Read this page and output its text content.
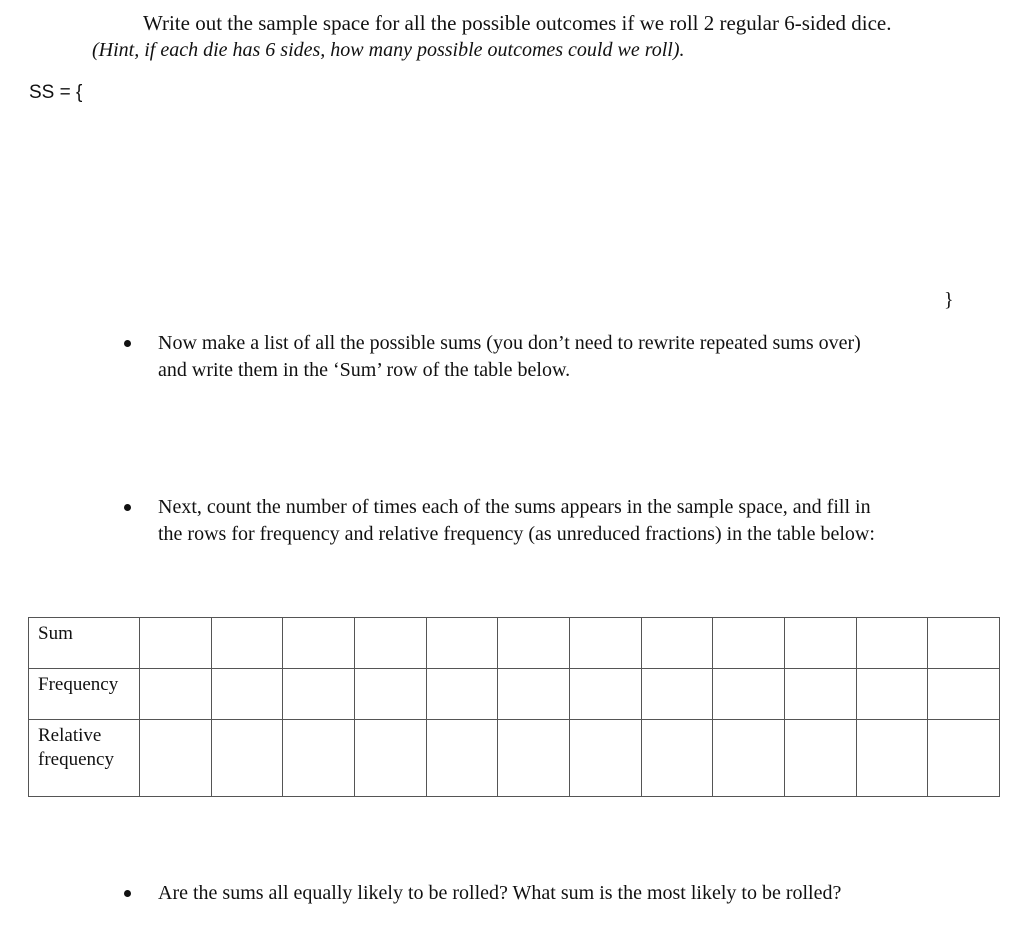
Write out the sample space for all the possible outcomes if we roll 2 regular 6-sided dice.
(Hint, if each die has 6 sides, how many possible outcomes could we roll).
SS = {
}
Now make a list of all the possible sums (you don’t need to rewrite repeated sums over)
and write them in the ‘Sum’ row of the table below.
Next, count the number of times each of the sums appears in the sample space, and fill in
the rows for frequency and relative frequency (as unreduced fractions) in the table below:
Sum												
Frequency												

Relative
frequency												

Are the sums all equally likely to be rolled? What sum is the most likely to be rolled?
